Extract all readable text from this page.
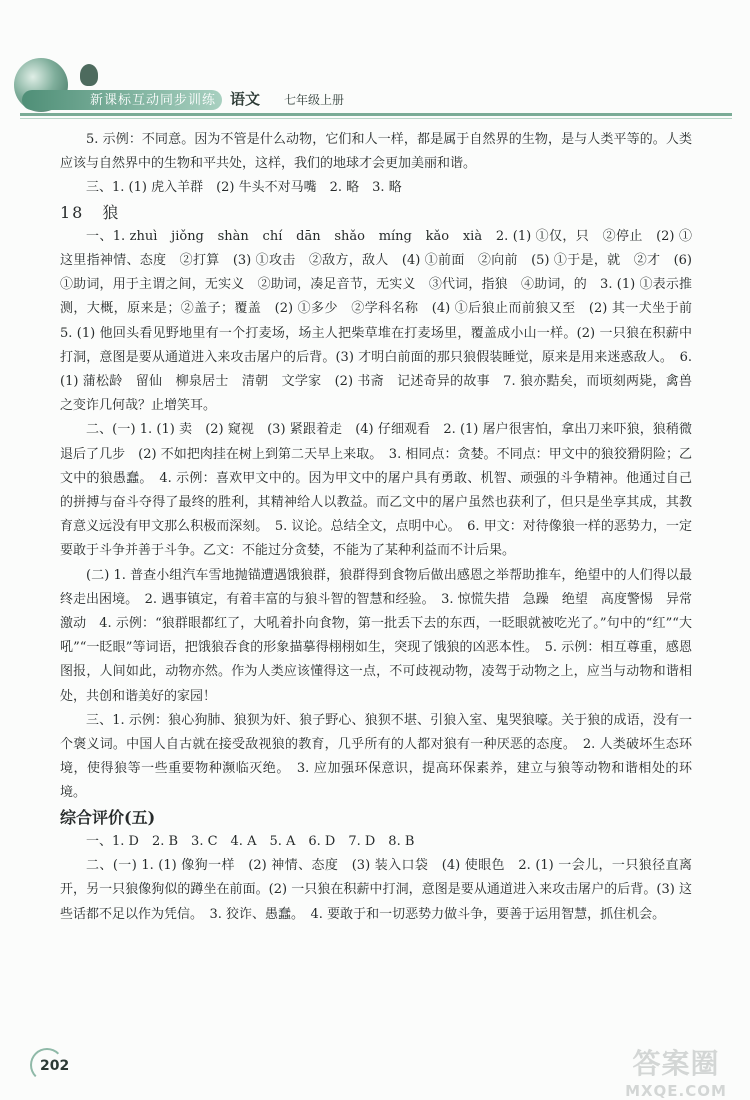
新课标互动同步训练 语文 七年级上册

5. 示例：不同意。因为不管是什么动物，它们和人一样，都是属于自然界的生物，是与人类平等的。人类应该与自然界中的生物和平共处，这样，我们的地球才会更加美丽和谐。

三、1. (1) 虎入羊群　(2) 牛头不对马嘴　2. 略　3. 略

18　狼

一、1. zhuì　jiǒng　shàn　chí　dān　shǎo　míng　kǎo　xià　2. (1) ①仅，只　②停止　(2) ①这里指神情、态度　②打算　(3) ①攻击　②敌方，敌人　(4) ①前面　②向前　(5) ①于是，就　②才　(6) ①助词，用于主谓之间，无实义　②助词，凑足音节，无实义　③代词，指狼　④助词，的　3. (1) ①表示推测，大概，原来是；②盖子；覆盖　(2) ①多少　②学科名称　(4) ①后狼止而前狼又至　(2) 其一犬坐于前　5. (1) 他回头看见野地里有一个打麦场，场主人把柴草堆在打麦场里，覆盖成小山一样。(2) 一只狼在积薪中打洞，意图是要从通道进入来攻击屠户的后背。(3) 才明白前面的那只狼假装睡觉，原来是用来迷惑敌人。　6. (1) 蒲松龄　留仙　柳泉居士　清朝　文学家　(2) 书斋　记述奇异的故事　7. 狼亦黠矣，而顷刻两毙，禽兽之变诈几何哉？止增笑耳。

二、(一) 1. (1) 卖　(2) 窥视　(3) 紧跟着走　(4) 仔细观看　2. (1) 屠户很害怕，拿出刀来吓狼，狼稍微退后了几步　(2) 不如把肉挂在树上到第二天早上来取。　3. 相同点：贪婪。不同点：甲文中的狼狡猾阴险；乙文中的狼愚蠢。　4. 示例：喜欢甲文中的。因为甲文中的屠户具有勇敢、机智、顽强的斗争精神。他通过自己的拼搏与奋斗夺得了最终的胜利，其精神给人以教益。而乙文中的屠户虽然也获利了，但只是坐享其成，其教育意义远没有甲文那么积极而深刻。　5. 议论。总结全文，点明中心。　6. 甲文：对待像狼一样的恶势力，一定要敢于斗争并善于斗争。乙文：不能过分贪婪，不能为了某种利益而不计后果。

(二) 1. 普查小组汽车雪地抛锚遭遇饿狼群，狼群得到食物后做出感恩之举帮助推车，绝望中的人们得以最终走出困境。　2. 遇事镇定，有着丰富的与狼斗智的智慧和经验。　3. 惊慌失措　急躁　绝望　高度警惕　异常激动　4. 示例：“狼群眼都红了，大吼着扑向食物，第一批丢下去的东西，一眨眼就被吃光了。”句中的“红”“大吼”“一眨眼”等词语，把饿狼吞食的形象描摹得栩栩如生，突现了饿狼的凶恶本性。　5. 示例：相互尊重，感恩图报，人间如此，动物亦然。作为人类应该懂得这一点，不可歧视动物，凌驾于动物之上，应当与动物和谐相处，共创和谐美好的家园！

三、1. 示例：狼心狗肺、狼狈为奸、狼子野心、狼狈不堪、引狼入室、鬼哭狼嚎。关于狼的成语，没有一个褒义词。中国人自古就在接受敌视狼的教育，几乎所有的人都对狼有一种厌恶的态度。　2. 人类破坏生态环境，使得狼等一些重要物种濒临灭绝。　3. 应加强环保意识，提高环保素养，建立与狼等动物和谐相处的环境。

综合评价(五)

一、1. D　2. B　3. C　4. A　5. A　6. D　7. D　8. B

二、(一) 1. (1) 像狗一样　(2) 神情、态度　(3) 装入口袋　(4) 使眼色　2. (1) 一会儿，一只狼径直离开，另一只狼像狗似的蹲坐在前面。(2) 一只狼在积薪中打洞，意图是要从通道进入来攻击屠户的后背。(3) 这些话都不足以作为凭信。　3. 狡诈、愚蠢。　4. 要敢于和一切恶势力做斗争，要善于运用智慧，抓住机会。

202	答案圈
MXQE.COM
